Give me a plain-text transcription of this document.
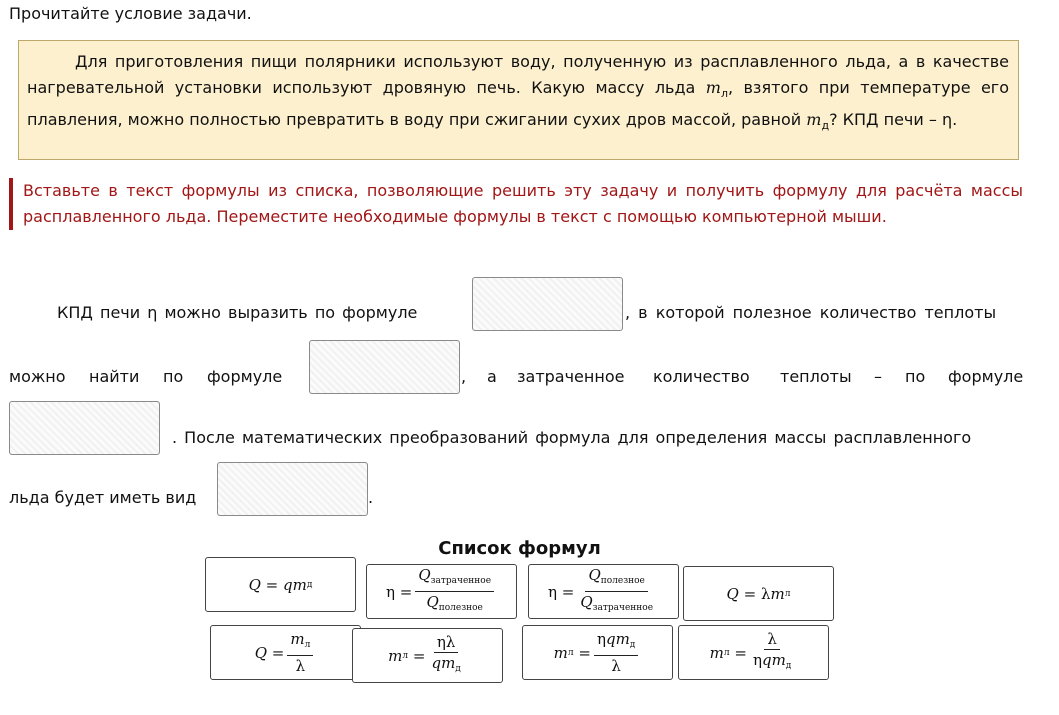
Прочитайте условие задачи.
Для приготовления пищи полярники используют воду, полученную из расплавленного льда, а в качестве нагревательной установки используют дровяную печь. Какую массу льда $m_л$, взятого при температуре его плавления, можно полностью превратить в воду при сжигании сухих дров массой, равной $m_д$? КПД печи – η.
Вставьте в текст формулы из списка, позволяющие решить эту задачу и получить формулу для расчёта массы расплавленного льда. Переместите необходимые формулы в текст с помощью компьютерной мыши.
КПД печи η можно выразить по формуле	, в которой полезное количество теплоты
можно найти по формуле	, а затраченное количество теплоты – по формуле
. После математических преобразований формула для определения массы расплавленного
льда будет иметь вид	.
Список формул
Q
=
q m д	η
= $\frac{Q_{затраченное}}{Q_{полезное}}$	η
= $\frac{Q_{полезное}}{Q_{затраченное}}$	Q
=
λ m л
Q
= $\frac{m_л}{\lambda}$	m л
= $\frac{\eta\lambda}{qm_д}$	m л
= $\frac{\eta qm_д}{\lambda}$	m л
= $\frac{\lambda}{\eta qm_д}$
